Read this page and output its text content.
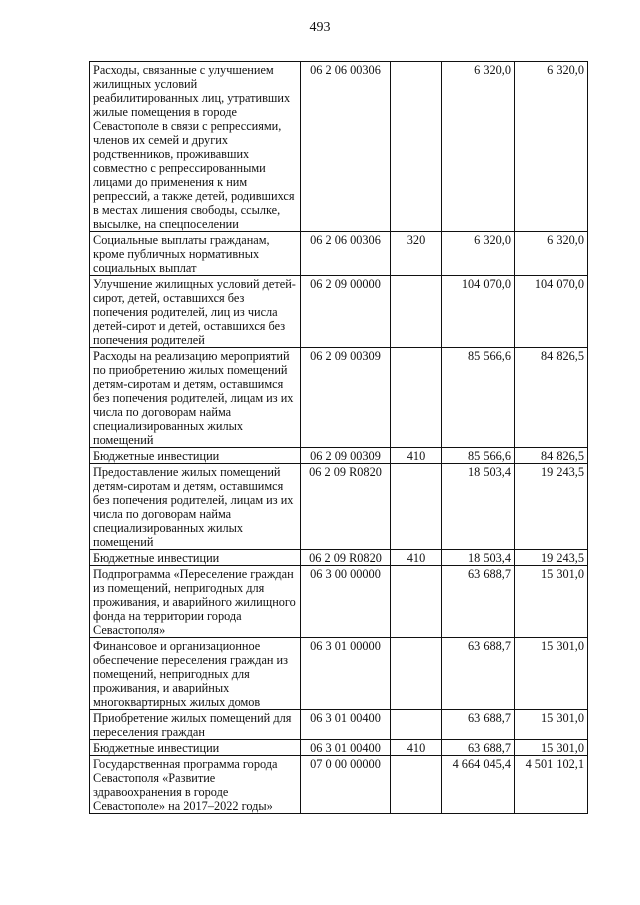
493
Расходы, связанные с улучшением жилищных условий реабилитированных лиц, утративших жилые помещения в городе Севастополе в связи с репрессиями, членов их семей и других родственников, проживавших совместно с репрессированными лицами до применения к ним репрессий, а также детей, родившихся в местах лишения свободы, ссылке, высылке, на спецпоселении	06 2 06 00306		6 320,0	6 320,0
Социальные выплаты гражданам, кроме публичных нормативных социальных выплат	06 2 06 00306	320	6 320,0	6 320,0
Улучшение жилищных условий детей-сирот, детей, оставшихся без попечения родителей, лиц из числа детей-сирот и детей, оставшихся без попечения родителей	06 2 09 00000		104 070,0	104 070,0
Расходы на реализацию мероприятий по приобретению жилых помещений детям-сиротам и детям, оставшимся без попечения родителей, лицам из их числа по договорам найма специализированных жилых помещений	06 2 09 00309		85 566,6	84 826,5
Бюджетные инвестиции	06 2 09 00309	410	85 566,6	84 826,5
Предоставление жилых помещений детям-сиротам и детям, оставшимся без попечения родителей, лицам из их числа по договорам найма специализированных жилых помещений	06 2 09 R0820		18 503,4	19 243,5
Бюджетные инвестиции	06 2 09 R0820	410	18 503,4	19 243,5
Подпрограмма «Переселение граждан из помещений, непригодных для проживания, и аварийного жилищного фонда на территории города Севастополя»	06 3 00 00000		63 688,7	15 301,0
Финансовое и организационное обеспечение переселения граждан из помещений, непригодных для проживания, и аварийных многоквартирных жилых домов	06 3 01 00000		63 688,7	15 301,0
Приобретение жилых помещений для переселения граждан	06 3 01 00400		63 688,7	15 301,0
Бюджетные инвестиции	06 3 01 00400	410	63 688,7	15 301,0
Государственная программа города Севастополя «Развитие здравоохранения в городе Севастополе» на 2017–2022 годы»	07 0 00 00000		4 664 045,4	4 501 102,1
